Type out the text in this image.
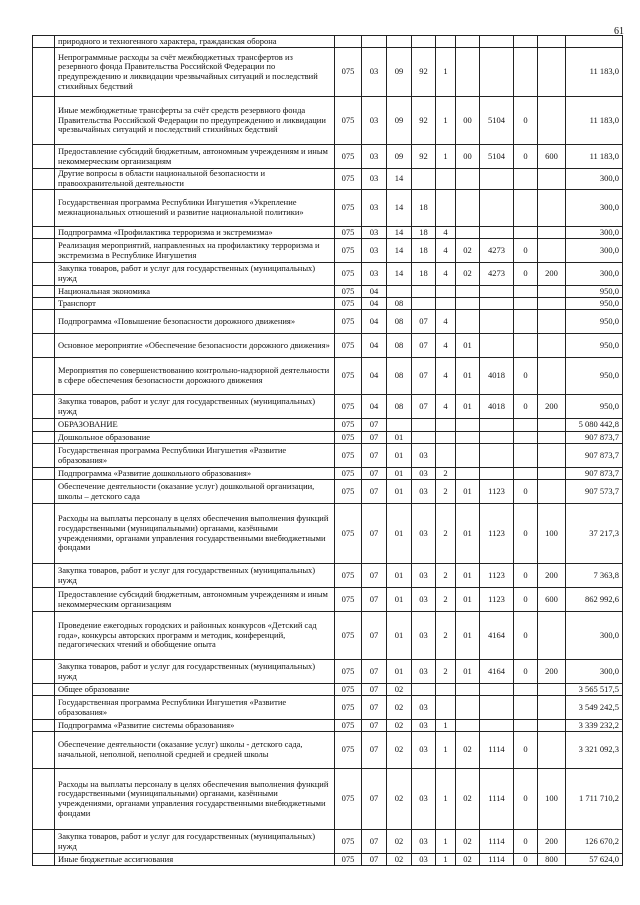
61
	природного и техногенного характера, гражданская оборона										
	Непрограммные расходы за счёт межбюджетных трансфертов из резервного фонда Правительства Российской Федерации по предупреждению и ликвидации чрезвычайных ситуаций и последствий стихийных бедствий	075	03	09	92	1					11 183,0
	Иные межбюджетные трансферты за счёт средств резервного фонда Правительства Российской Федерации по предупреждению и ликвидации чрезвычайных ситуаций и последствий стихийных бедствий	075	03	09	92	1	00	5104	0		11 183,0
	Предоставление субсидий бюджетным, автономным учреждениям и иным некоммерческим организациям	075	03	09	92	1	00	5104	0	600	11 183,0
	Другие вопросы в области национальной безопасности и правоохранительной деятельности	075	03	14							300,0
	Государственная программа Республики Ингушетия «Укрепление межнациональных отношений и развитие национальной политики»	075	03	14	18						300,0
	Подпрограмма «Профилактика терроризма и экстремизма»	075	03	14	18	4					300,0
	Реализация мероприятий, направленных на профилактику терроризма и экстремизма в Республике Ингушетия	075	03	14	18	4	02	4273	0		300,0
	Закупка товаров, работ и услуг для государственных (муниципальных) нужд	075	03	14	18	4	02	4273	0	200	300,0
	Национальная экономика	075	04								950,0
	Транспорт	075	04	08							950,0
	Подпрограмма «Повышение безопасности дорожного движения»	075	04	08	07	4					950,0
	Основное мероприятие «Обеспечение безопасности дорожного движения»	075	04	08	07	4	01				950,0
	Мероприятия по совершенствованию контрольно-надзорной деятельности в сфере обеспечения безопасности дорожного движения	075	04	08	07	4	01	4018	0		950,0
	Закупка товаров, работ и услуг для государственных (муниципальных) нужд	075	04	08	07	4	01	4018	0	200	950,0
	ОБРАЗОВАНИЕ	075	07								5 080 442,8
	Дошкольное образование	075	07	01							907 873,7
	Государственная программа Республики Ингушетия «Развитие образования»	075	07	01	03						907 873,7
	Подпрограмма «Развитие дошкольного образования»	075	07	01	03	2					907 873,7
	Обеспечение деятельности (оказание услуг) дошкольной организации, школы – детского сада	075	07	01	03	2	01	1123	0		907 573,7
	Расходы на выплаты персоналу в целях обеспечения выполнения функций государственными (муниципальными) органами, казёнными учреждениями, органами управления государственными внебюджетными фондами	075	07	01	03	2	01	1123	0	100	37 217,3
	Закупка товаров, работ и услуг для государственных (муниципальных) нужд	075	07	01	03	2	01	1123	0	200	7 363,8
	Предоставление субсидий бюджетным, автономным учреждениям и иным некоммерческим организациям	075	07	01	03	2	01	1123	0	600	862 992,6
	Проведение ежегодных городских и районных конкурсов «Детский сад года», конкурсы авторских программ и методик, конференций, педагогических чтений и обобщение опыта	075	07	01	03	2	01	4164	0		300,0
	Закупка товаров, работ и услуг для государственных (муниципальных) нужд	075	07	01	03	2	01	4164	0	200	300,0
	Общее образование	075	07	02							3 565 517,5
	Государственная программа Республики Ингушетия «Развитие образования»	075	07	02	03						3 549 242,5
	Подпрограмма «Развитие системы образования»	075	07	02	03	1					3 339 232,2
	Обеспечение деятельности (оказание услуг) школы - детского сада, начальной, неполной, неполной средней и средней школы	075	07	02	03	1	02	1114	0		3 321 092,3
	Расходы на выплаты персоналу в целях обеспечения выполнения функций государственными (муниципальными) органами, казёнными учреждениями, органами управления государственными внебюджетными фондами	075	07	02	03	1	02	1114	0	100	1 711 710,2
	Закупка товаров, работ и услуг для государственных (муниципальных) нужд	075	07	02	03	1	02	1114	0	200	126 670,2
	Иные бюджетные ассигнования	075	07	02	03	1	02	1114	0	800	57 624,0
